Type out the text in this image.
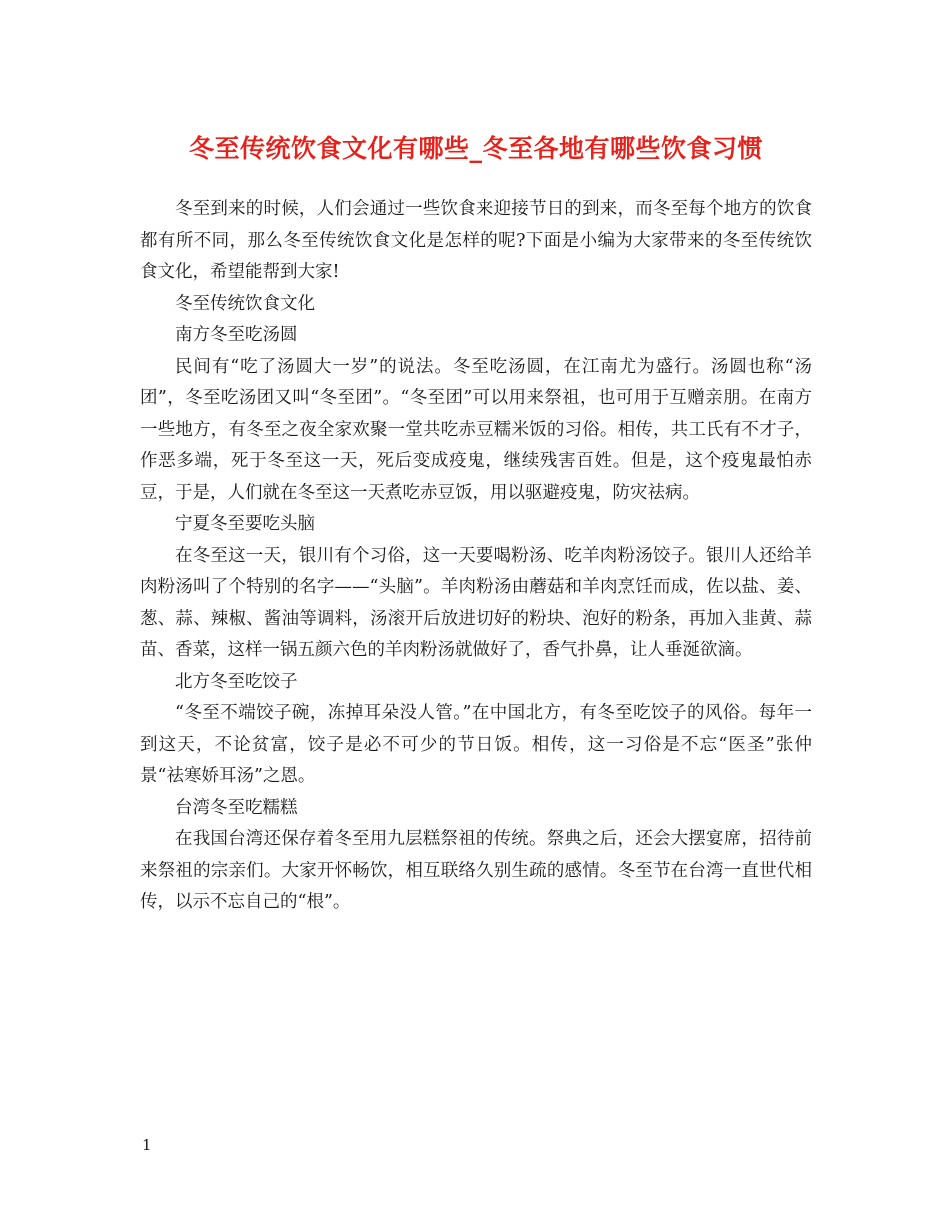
冬至传统饮食文化有哪些_冬至各地有哪些饮食习惯

冬至到来的时候，人们会通过一些饮食来迎接节日的到来，而冬至每个地方的饮食都有所不同，那么冬至传统饮食文化是怎样的呢?下面是小编为大家带来的冬至传统饮食文化，希望能帮到大家!

冬至传统饮食文化

南方冬至吃汤圆

民间有“吃了汤圆大一岁”的说法。冬至吃汤圆，在江南尤为盛行。汤圆也称“汤团”，冬至吃汤团又叫“冬至团”。“冬至团”可以用来祭祖，也可用于互赠亲朋。在南方一些地方，有冬至之夜全家欢聚一堂共吃赤豆糯米饭的习俗。相传，共工氏有不才子，作恶多端，死于冬至这一天，死后变成疫鬼，继续残害百姓。但是，这个疫鬼最怕赤豆，于是，人们就在冬至这一天煮吃赤豆饭，用以驱避疫鬼，防灾祛病。

宁夏冬至要吃头脑

在冬至这一天，银川有个习俗，这一天要喝粉汤、吃羊肉粉汤饺子。银川人还给羊肉粉汤叫了个特别的名字——“头脑”。羊肉粉汤由蘑菇和羊肉烹饪而成，佐以盐、姜、葱、蒜、辣椒、酱油等调料，汤滚开后放进切好的粉块、泡好的粉条，再加入韭黄、蒜苗、香菜，这样一锅五颜六色的羊肉粉汤就做好了，香气扑鼻，让人垂涎欲滴。

北方冬至吃饺子

“冬至不端饺子碗，冻掉耳朵没人管。”在中国北方，有冬至吃饺子的风俗。每年一到这天，不论贫富，饺子是必不可少的节日饭。相传，这一习俗是不忘“医圣”张仲景“祛寒娇耳汤”之恩。

台湾冬至吃糯糕

在我国台湾还保存着冬至用九层糕祭祖的传统。祭典之后，还会大摆宴席，招待前来祭祖的宗亲们。大家开怀畅饮，相互联络久别生疏的感情。冬至节在台湾一直世代相传，以示不忘自己的“根”。

1
